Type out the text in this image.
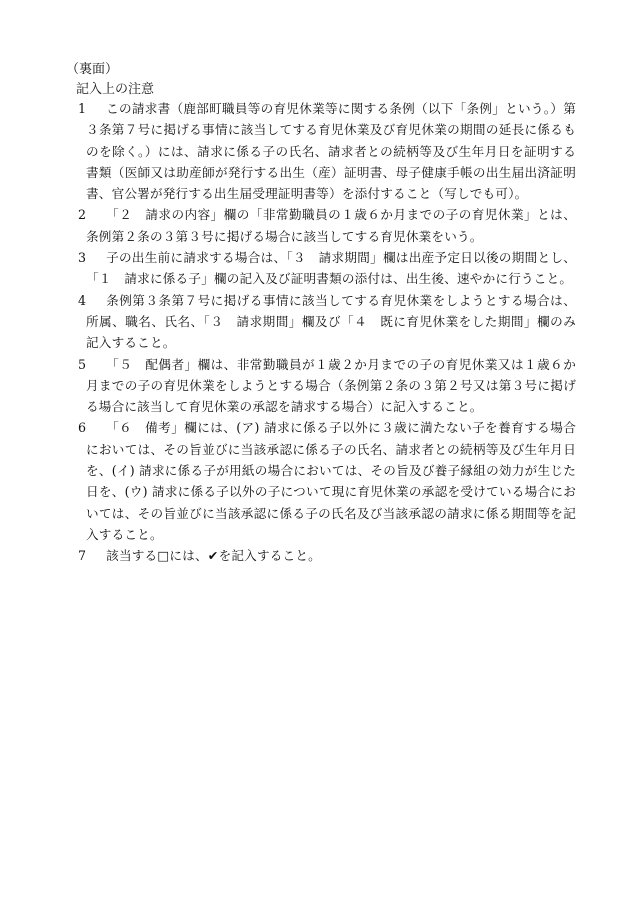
（裏面）
記入上の注意
1	この請求書（鹿部町職員等の育児休業等に関する条例（以下「条例」という。）第３条第７号に掲げる事情に該当してする育児休業及び育児休業の期間の延長に係るものを除く。）には、請求に係る子の氏名、請求者との続柄等及び生年月日を証明する書類（医師又は助産師が発行する出生（産）証明書、母子健康手帳の出生届出済証明書、官公署が発行する出生届受理証明書等）を添付すること（写しでも可）。
2	「２　請求の内容」欄の「非常勤職員の１歳６か月までの子の育児休業」とは、条例第２条の３第３号に掲げる場合に該当してする育児休業をいう。
3	子の出生前に請求する場合は、「３　請求期間」欄は出産予定日以後の期間とし、「１　請求に係る子」欄の記入及び証明書類の添付は、出生後、速やかに行うこと。
4	条例第３条第７号に掲げる事情に該当してする育児休業をしようとする場合は、所属、職名、氏名、「３　請求期間」欄及び「４　既に育児休業をした期間」欄のみ記入すること。
5	「５　配偶者」欄は、非常勤職員が１歳２か月までの子の育児休業又は１歳６か月までの子の育児休業をしようとする場合（条例第２条の３第２号又は第３号に掲げる場合に該当して育児休業の承認を請求する場合）に記入すること。
6	「６　備考」欄には、(ア) 請求に係る子以外に３歳に満たない子を養育する場合においては、その旨並びに当該承認に係る子の氏名、請求者との続柄等及び生年月日を、(イ) 請求に係る子が用紙の場合においては、その旨及び養子縁組の効力が生じた日を、(ウ) 請求に係る子以外の子について現に育児休業の承認を受けている場合においては、その旨並びに当該承認に係る子の氏名及び当該承認の請求に係る期間等を記入すること。
7	該当する□には、✔を記入すること。
